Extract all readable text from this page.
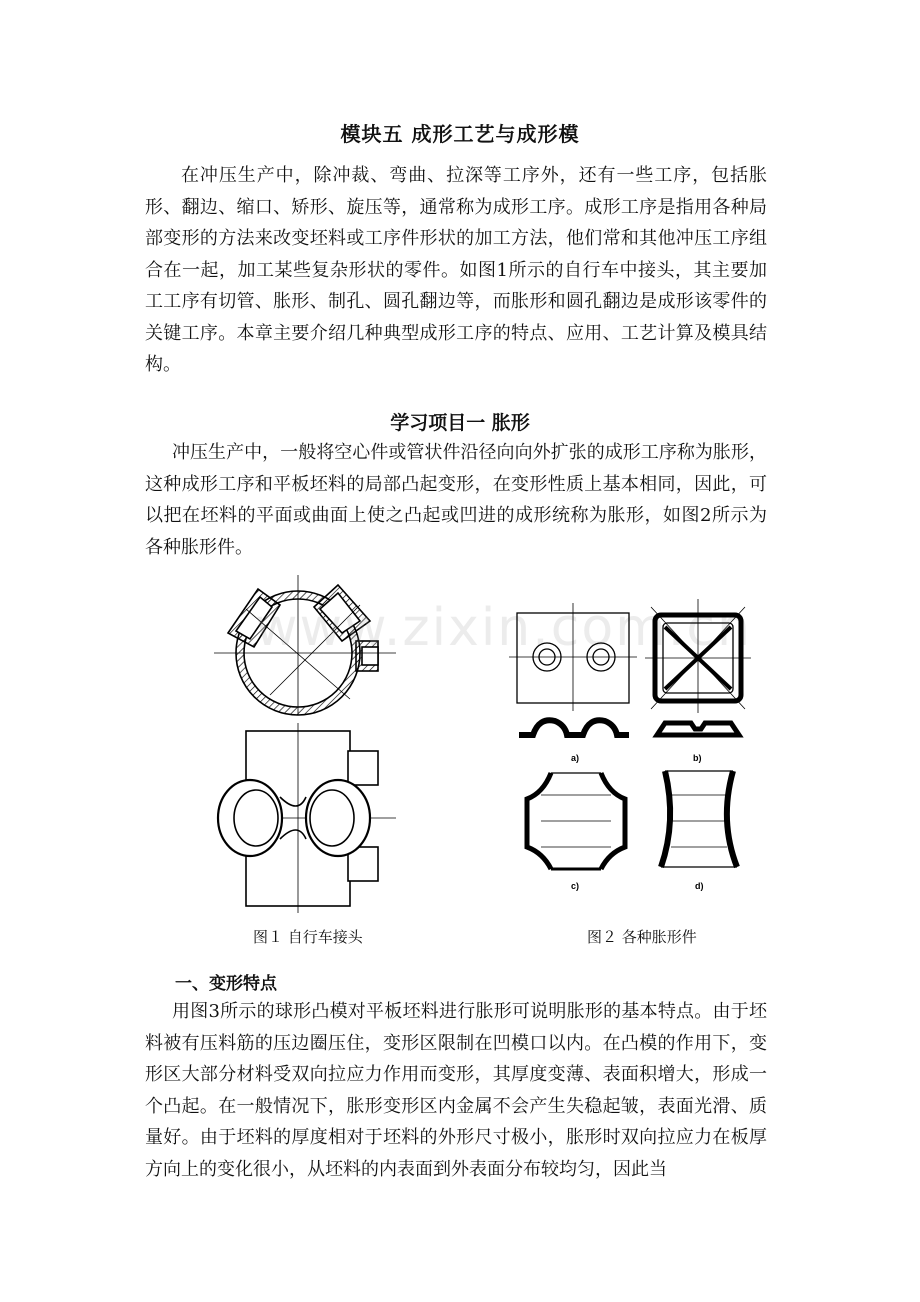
模块五 成形工艺与成形模

在冲压生产中，除冲裁、弯曲、拉深等工序外，还有一些工序，包括胀形、翻边、缩口、矫形、旋压等，通常称为成形工序。成形工序是指用各种局部变形的方法来改变坯料或工序件形状的加工方法，他们常和其他冲压工序组合在一起，加工某些复杂形状的零件。如图1所示的自行车中接头，其主要加工工序有切管、胀形、制孔、圆孔翻边等，而胀形和圆孔翻边是成形该零件的关键工序。本章主要介绍几种典型成形工序的特点、应用、工艺计算及模具结构。

学习项目一 胀形

冲压生产中，一般将空心件或管状件沿径向向外扩张的成形工序称为胀形，这种成形工序和平板坯料的局部凸起变形，在变形性质上基本相同，因此，可以把在坯料的平面或曲面上使之凸起或凹进的成形统称为胀形，如图2所示为各种胀形件。

www.zixin.com.cn
a)	b)
c)	d)
图１ 自行车接头	图２ 各种胀形件
一、变形特点

用图3所示的球形凸模对平板坯料进行胀形可说明胀形的基本特点。由于坯料被有压料筋的压边圈压住，变形区限制在凹模口以内。在凸模的作用下，变形区大部分材料受双向拉应力作用而变形，其厚度变薄、表面积增大，形成一个凸起。在一般情况下，胀形变形区内金属不会产生失稳起皱，表面光滑、质量好。由于坯料的厚度相对于坯料的外形尺寸极小，胀形时双向拉应力在板厚方向上的变化很小，从坯料的内表面到外表面分布较均匀，因此当
